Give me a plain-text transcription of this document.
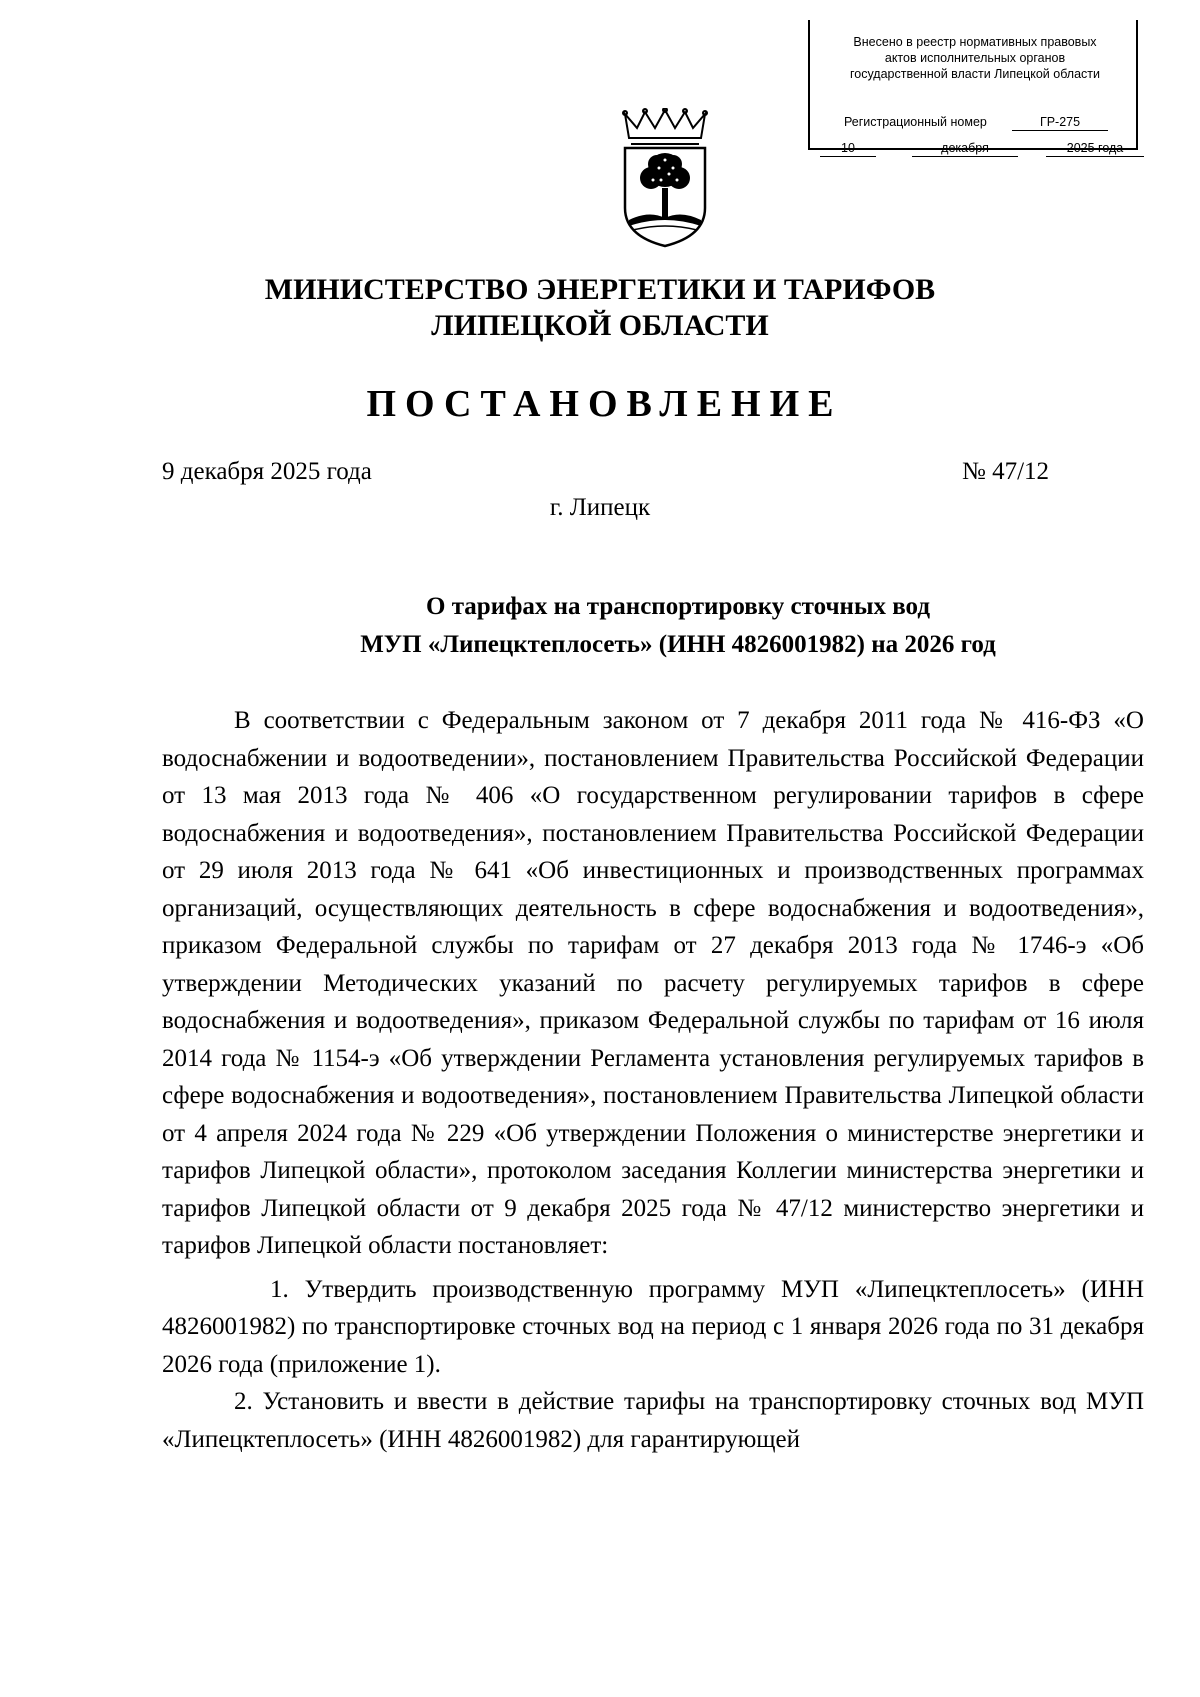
Внесено в реестр нормативных правовых
актов исполнительных органов
государственной власти Липецкой области
Регистрационный номер	ГР-275
10	декабря	2025 года
МИНИСТЕРСТВО ЭНЕРГЕТИКИ И ТАРИФОВ
ЛИПЕЦКОЙ ОБЛАСТИ
ПОСТАНОВЛЕНИЕ
9 декабря 2025 года	№ 47/12
г. Липецк
О тарифах на транспортировку сточных вод
МУП «Липецктеплосеть» (ИНН 4826001982) на 2026 год

В соответствии с Федеральным законом от 7 декабря 2011 года № 416-ФЗ «О водоснабжении и водоотведении», постановлением Правительства Российской Федерации от 13 мая 2013 года № 406 «О государственном регулировании тарифов в сфере водоснабжения и водоотведения», постановлением Правительства Российской Федерации от 29 июля 2013 года № 641 «Об инвестиционных и производственных программах организаций, осуществляющих деятельность в сфере водоснабжения и водоотведения», приказом Федеральной службы по тарифам от 27 декабря 2013 года № 1746-э «Об утверждении Методических указаний по расчету регулируемых тарифов в сфере водоснабжения и водоотведения», приказом Федеральной службы по тарифам от 16 июля 2014 года № 1154-э «Об утверждении Регламента установления регулируемых тарифов в сфере водоснабжения и водоотведения», постановлением Правительства Липецкой области от 4 апреля 2024 года № 229 «Об утверждении Положения о министерстве энергетики и тарифов Липецкой области», протоколом заседания Коллегии министерства энергетики и тарифов Липецкой области от 9 декабря 2025 года № 47/12 министерство энергетики и тарифов Липецкой области постановляет:

1. Утвердить производственную программу МУП «Липецктеплосеть» (ИНН 4826001982) по транспортировке сточных вод на период с 1 января 2026 года по 31 декабря 2026 года (приложение 1).

2. Установить и ввести в действие тарифы на транспортировку сточных вод МУП «Липецктеплосеть» (ИНН 4826001982) для гарантирующей
